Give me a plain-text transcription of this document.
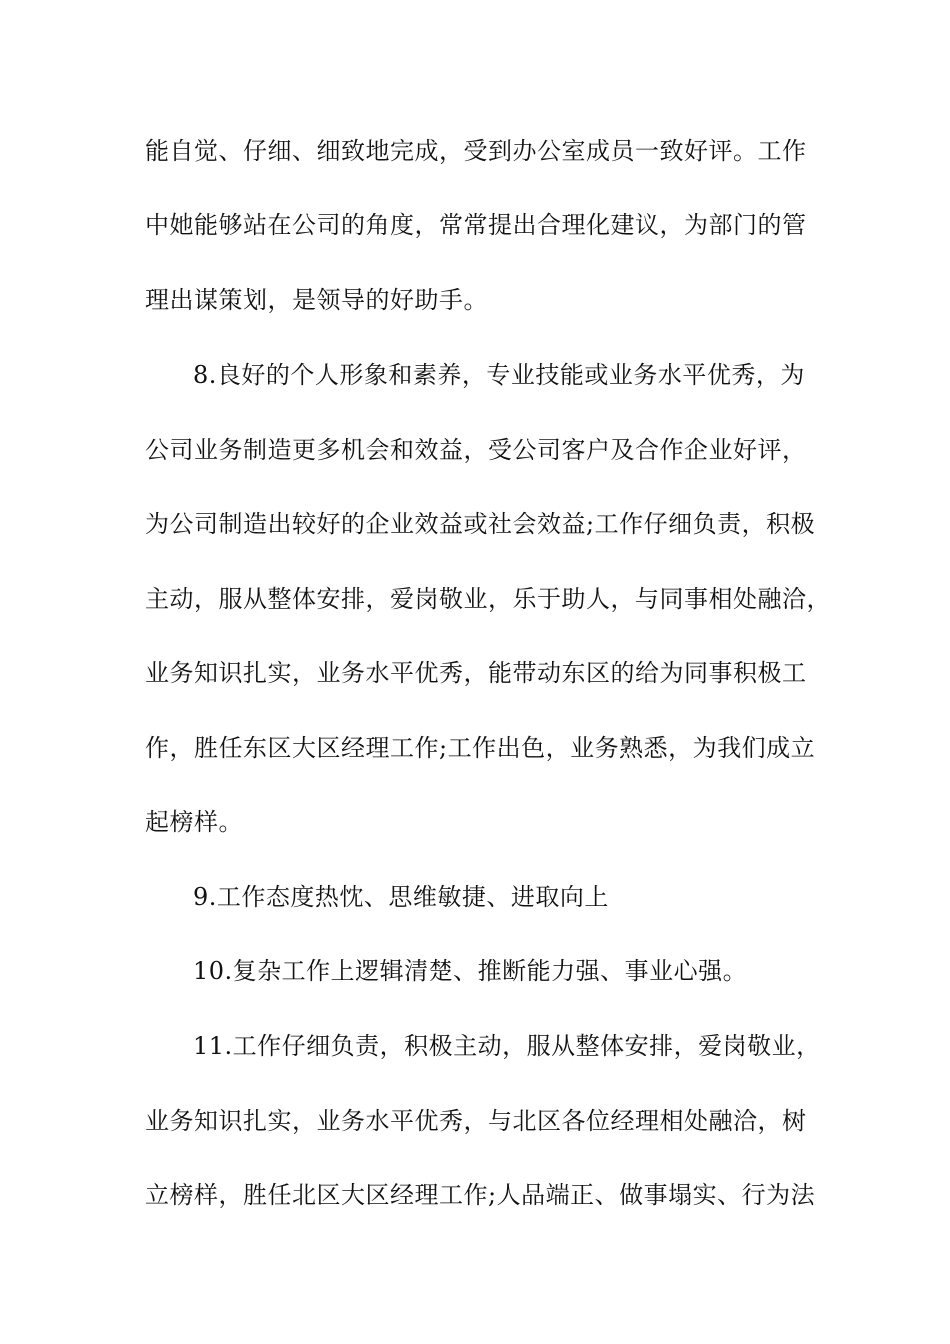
能自觉、仔细、细致地完成，受到办公室成员一致好评。工作
中她能够站在公司的角度，常常提出合理化建议，为部门的管
理出谋策划，是领导的好助手。
8.良好的个人形象和素养，专业技能或业务水平优秀，为
公司业务制造更多机会和效益，受公司客户及合作企业好评，
为公司制造出较好的企业效益或社会效益;工作仔细负责，积极
主动，服从整体安排，爱岗敬业，乐于助人，与同事相处融洽，
业务知识扎实，业务水平优秀，能带动东区的给为同事积极工
作，胜任东区大区经理工作;工作出色，业务熟悉，为我们成立
起榜样。
9.工作态度热忱、思维敏捷、进取向上
10.复杂工作上逻辑清楚、推断能力强、事业心强。
11.工作仔细负责，积极主动，服从整体安排，爱岗敬业，
业务知识扎实，业务水平优秀，与北区各位经理相处融洽，树
立榜样，胜任北区大区经理工作;人品端正、做事塌实、行为法
